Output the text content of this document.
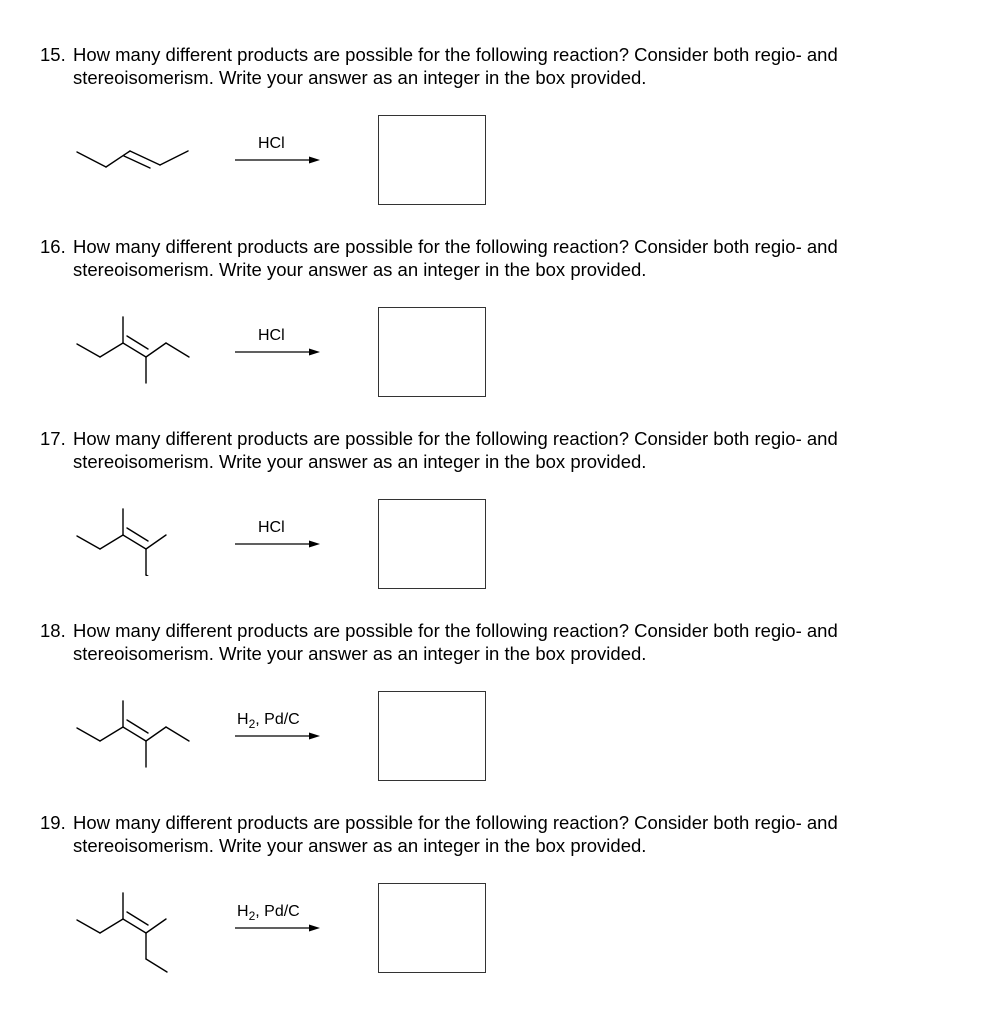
15. How many different products are possible for the following reaction? Consider both regio- and
stereoisomerism. Write your answer as an integer in the box provided.
HCl
16. How many different products are possible for the following reaction? Consider both regio- and
stereoisomerism. Write your answer as an integer in the box provided.
HCl
17. How many different products are possible for the following reaction? Consider both regio- and
stereoisomerism. Write your answer as an integer in the box provided.
HCl
18. How many different products are possible for the following reaction? Consider both regio- and
stereoisomerism. Write your answer as an integer in the box provided.
$H_2$, Pd/C
19. How many different products are possible for the following reaction? Consider both regio- and
stereoisomerism. Write your answer as an integer in the box provided.
$H_2$, Pd/C
